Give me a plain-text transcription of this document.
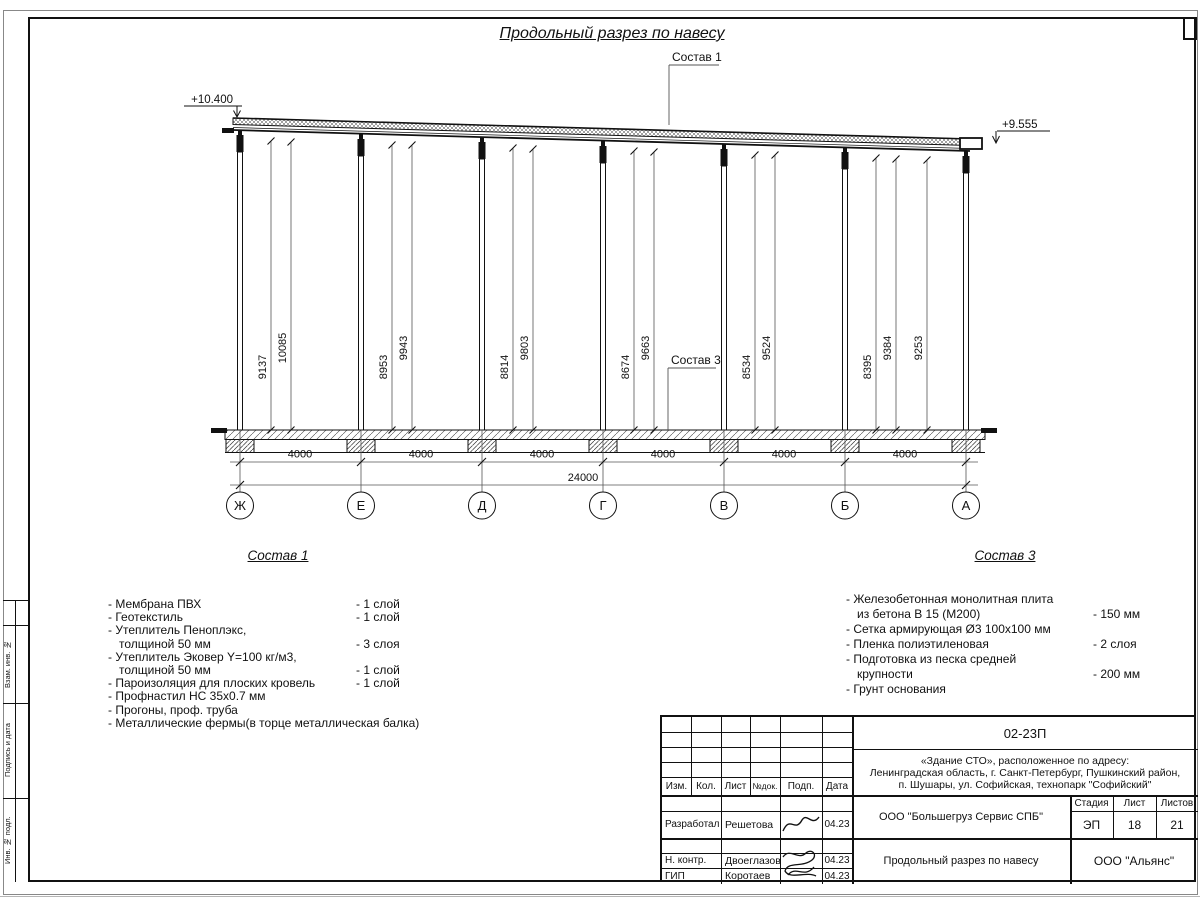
Продольный разрез по навесу
9137
10085
8953
9943
8814
9803
8674
9663
8534
9524
8395
9384 9253
4000	4000	4000	4000	4000	4000
24000
Ж	Е	Д	Г	В	Б	А
+10.400
+9.555
Состав 1
Состав 3
Состав 1
- Мембрана ПВХ	- 1 слой
- Геотекстиль	- 1 слой
- Утеплитель Пеноплэкс,
толщиной 50 мм	- 3 слоя
- Утеплитель Эковер Y=100 кг/м3,
толщиной 50 мм	- 1 слой
- Пароизоляция для плоских кровель	- 1 слой
- Профнастил НС 35х0.7 мм
- Прогоны, проф. труба
- Металлические фермы(в торце металлическая балка)
Состав 3
- Железобетонная монолитная плита
из бетона В 15 (М200)	- 150 мм
- Сетка армирующая Ø3 100х100 мм
- Пленка полиэтиленовая	- 2 слоя
- Подготовка из песка средней
крупности	- 200 мм
- Грунт основания
Взам. инв. №
Подпись и дата
Инв. № подл.
Изм. Кол. Лист №док.	Подп.	Дата
02-23П
«Здание СТО», расположенное по адресу:
Ленинградская область, г. Санкт-Петербург, Пушкинский район,
п. Шушары, ул. Софийская, технопарк "Софийский"
Разработал Решетова	04.23
Н. контр.	Двоеглазов	04.23
ГИП	Коротаев	04.23
ООО "Большегруз Сервис СПБ"
Продольный разрез по навесу
Стадия	Лист	Листов
ЭП	18	21
ООО "Альянс"
